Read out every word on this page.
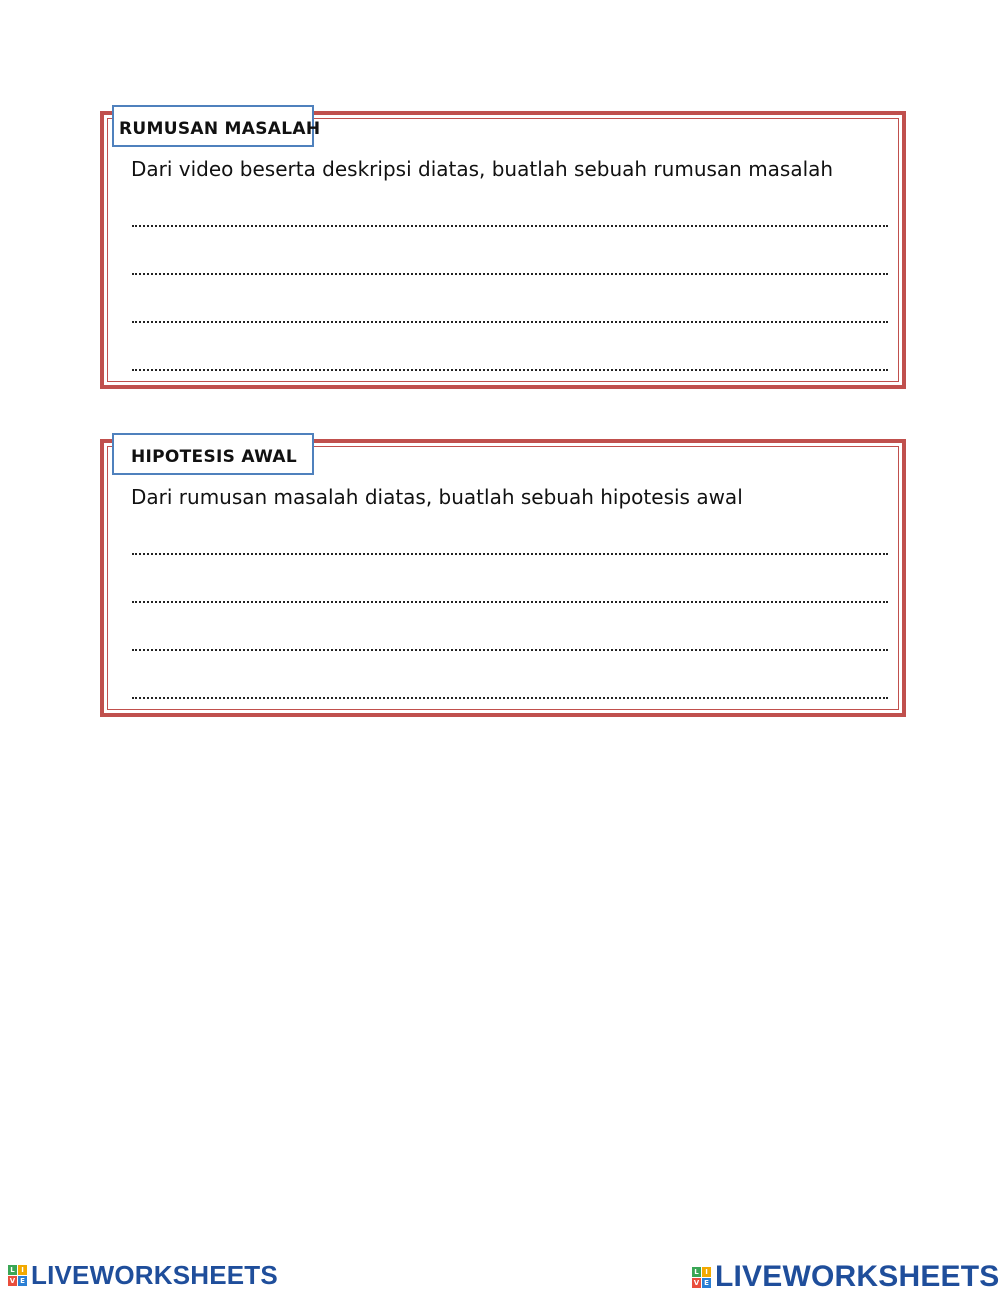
RUMUSAN MASALAH
Dari video beserta deskripsi diatas, buatlah sebuah rumusan masalah
HIPOTESIS AWAL
Dari rumusan masalah diatas, buatlah sebuah hipotesis awal
L I
V E LIVEWORKSHEETS	L I
V E LIVEWORKSHEETS
